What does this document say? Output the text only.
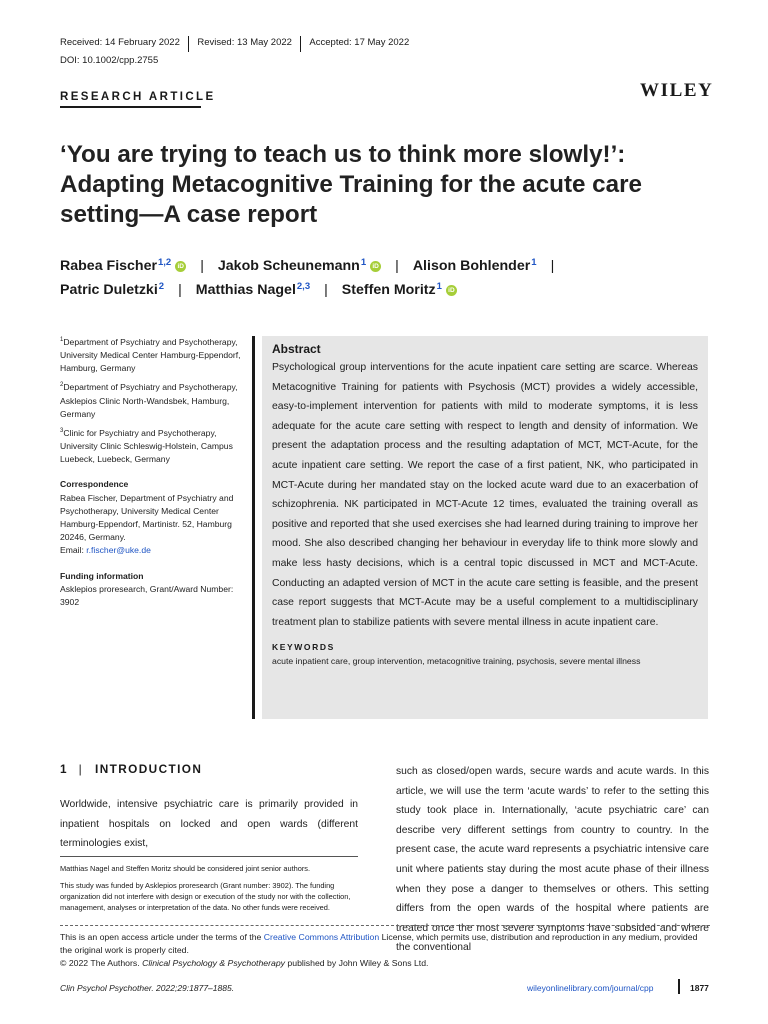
Received: 14 February 2022	Revised: 13 May 2022	Accepted: 17 May 2022
DOI: 10.1002/cpp.2755
RESEARCH ARTICLE	WILEY
‘You are trying to teach us to think more slowly!’: Adapting Metacognitive Training for the acute care setting—A case report
Rabea Fischer$^{1,2}$ iD | Jakob Scheunemann$^1$ iD | Alison Bohlender$^1$ |
Patric Duletzki$^2$ | Matthias Nagel$^{2,3}$ | Steffen Moritz$^1$ iD

$^1$Department of Psychiatry and Psychotherapy, University Medical Center Hamburg-Eppendorf, Hamburg, Germany

$^2$Department of Psychiatry and Psychotherapy, Asklepios Clinic North-Wandsbek, Hamburg, Germany

$^3$Clinic for Psychiatry and Psychotherapy, University Clinic Schleswig-Holstein, Campus Luebeck, Luebeck, Germany

Correspondence

Rabea Fischer, Department of Psychiatry and Psychotherapy, University Medical Center Hamburg-Eppendorf, Martinistr. 52, Hamburg 20246, Germany.
Email: r.fischer@uke.de

Funding information

Asklepios proresearch, Grant/Award Number: 3902

Abstract

Psychological group interventions for the acute inpatient care setting are scarce. Whereas Metacognitive Training for patients with Psychosis (MCT) provides a widely accessible, easy-to-implement intervention for patients with mild to moderate symptoms, it is less adequate for the acute care setting with respect to length and density of information. We present the adaptation process and the resulting adaptation of MCT, MCT-Acute, for the acute inpatient care setting. We report the case of a first patient, NK, who participated in MCT-Acute during her mandated stay on the locked acute ward due to an exacerbation of schizophrenia. NK participated in MCT-Acute 12 times, evaluated the training overall as positive and reported that she used exercises she had learned during training to improve her mood. She also described changing her behaviour in everyday life to think more slowly and make less hasty decisions, which is a central topic discussed in MCT and MCT-Acute. Conducting an adapted version of MCT in the acute care setting is feasible, and the present case report suggests that MCT-Acute may be a useful complement to a multidisciplinary treatment plan to stabilize patients with severe mental illness in acute inpatient care.

KEYWORDS

acute inpatient care, group intervention, metacognitive training, psychosis, severe mental illness

1 | INTRODUCTION

Worldwide, intensive psychiatric care is primarily provided in inpatient hospitals on locked and open wards (different terminologies exist,

such as closed/open wards, secure wards and acute wards. In this article, we will use the term ‘acute wards’ to refer to the setting this study took place in. Internationally, ‘acute psychiatric care’ can describe very different settings from country to country. In the present case, the acute ward represents a psychiatric intensive care unit where patients stay during the most acute phase of their illness when they pose a danger to themselves or others. This setting differs from the open wards of the hospital where patients are treated once the most severe symptoms have subsided and where the conventional

Matthias Nagel and Steffen Moritz should be considered joint senior authors.

This study was funded by Asklepios proresearch (Grant number: 3902). The funding organization did not interfere with design or execution of the study nor with the collection, management, analyses or interpretation of the data. No other funds were received.

This is an open access article under the terms of the Creative Commons Attribution License, which permits use, distribution and reproduction in any medium, provided the original work is properly cited.

© 2022 The Authors. Clinical Psychology & Psychotherapy published by John Wiley & Sons Ltd.

Clin Psychol Psychother. 2022;29:1877–1885.	wileyonlinelibrary.com/journal/cpp	1877
